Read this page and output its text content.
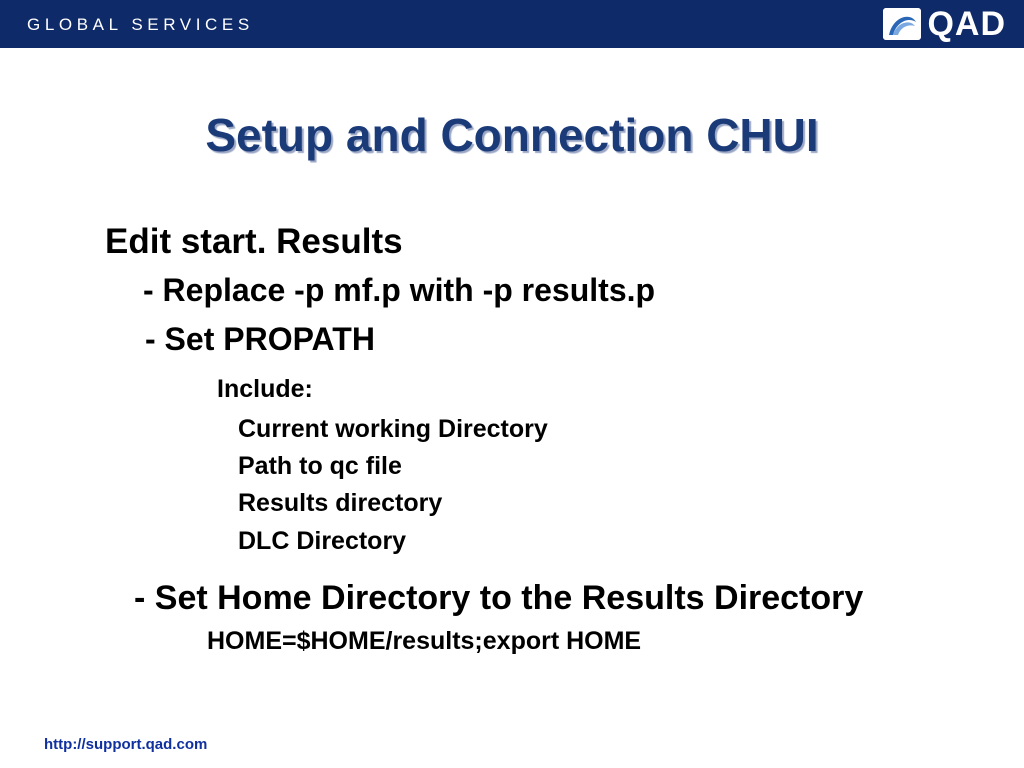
GLOBAL SERVICES	QAD
Setup and Connection CHUI
Edit start. Results
- Replace -p mf.p with -p results.p
- Set PROPATH
Include:
Current working Directory
Path to qc file
Results directory
DLC Directory
- Set Home Directory to the Results Directory
HOME=$HOME/results;export HOME
http://support.qad.com
